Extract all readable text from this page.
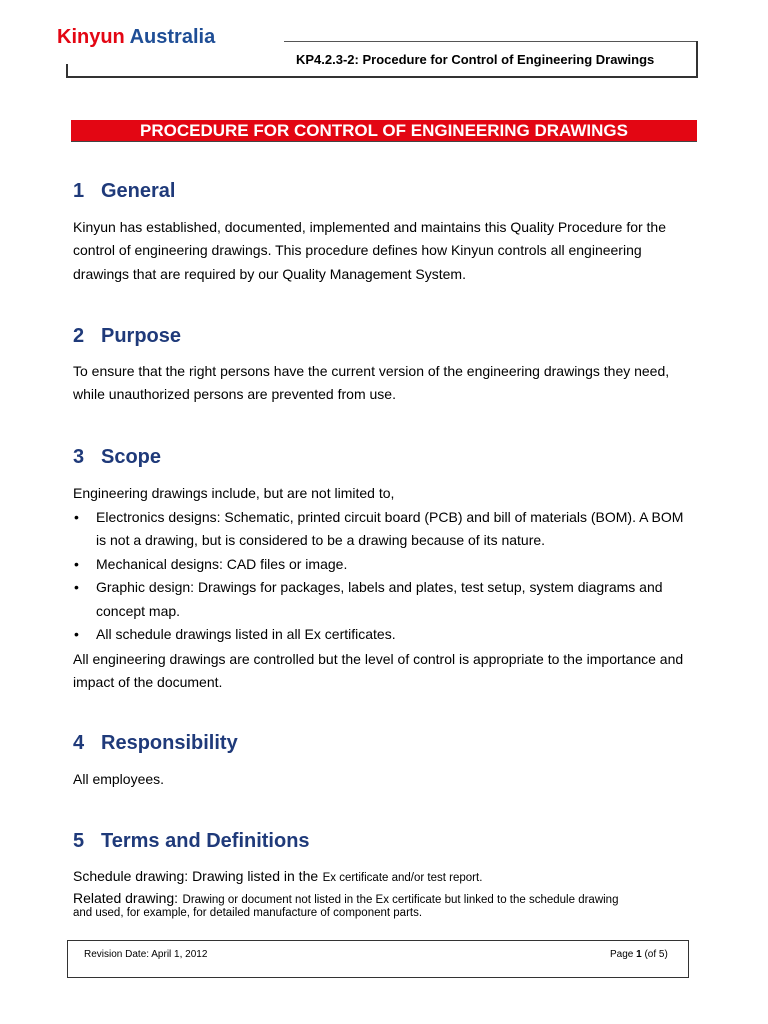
Kinyun Australia
KP4.2.3-2: Procedure for Control of Engineering Drawings
PROCEDURE FOR CONTROL OF ENGINEERING DRAWINGS
1 General
Kinyun has established, documented, implemented and maintains this Quality Procedure for the
control of engineering drawings. This procedure defines how Kinyun controls all engineering
drawings that are required by our Quality Management System.
2 Purpose
To ensure that the right persons have the current version of the engineering drawings they need,
while unauthorized persons are prevented from use.
3 Scope
Engineering drawings include, but are not limited to,
• Electronics designs: Schematic, printed circuit board (PCB) and bill of materials (BOM). A BOM
is not a drawing, but is considered to be a drawing because of its nature.
• Mechanical designs: CAD files or image.
• Graphic design: Drawings for packages, labels and plates, test setup, system diagrams and
concept map.
• All schedule drawings listed in all Ex certificates.
All engineering drawings are controlled but the level of control is appropriate to the importance and
impact of the document.
4 Responsibility
All employees.
5 Terms and Definitions
Schedule drawing: Drawing listed in the Ex certificate and/or test report.
Related drawing: Drawing or document not listed in the Ex certificate but linked to the schedule drawing
and used, for example, for detailed manufacture of component parts.
Revision Date: April 1, 2012	Page 1 (of 5)
